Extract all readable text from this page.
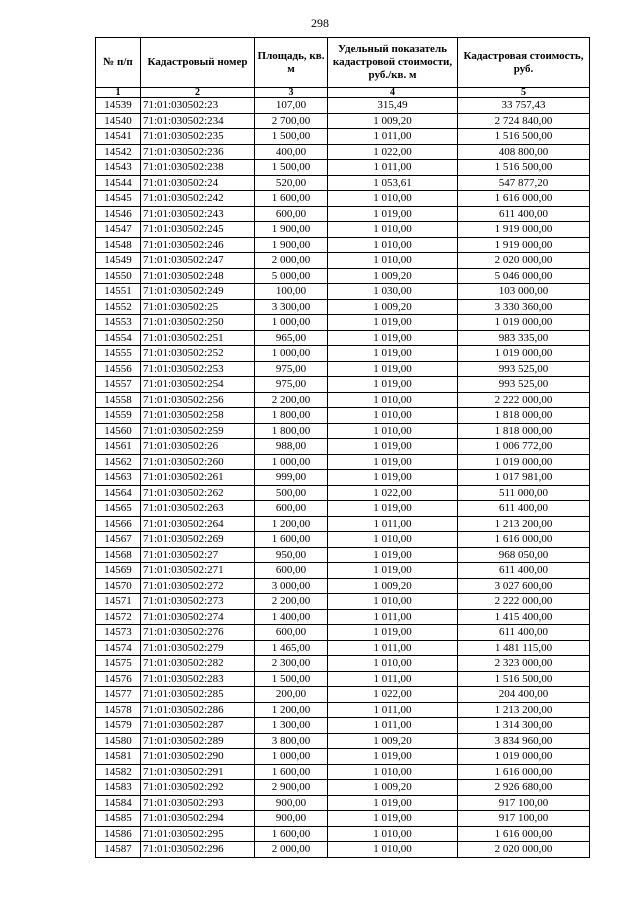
298
№ п/п	Кадастровый номер	Площадь, кв. м	Удельный показатель кадастровой стоимости, руб./кв. м	Кадастровая стоимость, руб.
1	2	3	4	5
14539	71:01:030502:23	107,00	315,49	33 757,43
14540	71:01:030502:234	2 700,00	1 009,20	2 724 840,00
14541	71:01:030502:235	1 500,00	1 011,00	1 516 500,00
14542	71:01:030502:236	400,00	1 022,00	408 800,00
14543	71:01:030502:238	1 500,00	1 011,00	1 516 500,00
14544	71:01:030502:24	520,00	1 053,61	547 877,20
14545	71:01:030502:242	1 600,00	1 010,00	1 616 000,00
14546	71:01:030502:243	600,00	1 019,00	611 400,00
14547	71:01:030502:245	1 900,00	1 010,00	1 919 000,00
14548	71:01:030502:246	1 900,00	1 010,00	1 919 000,00
14549	71:01:030502:247	2 000,00	1 010,00	2 020 000,00
14550	71:01:030502:248	5 000,00	1 009,20	5 046 000,00
14551	71:01:030502:249	100,00	1 030,00	103 000,00
14552	71:01:030502:25	3 300,00	1 009,20	3 330 360,00
14553	71:01:030502:250	1 000,00	1 019,00	1 019 000,00
14554	71:01:030502:251	965,00	1 019,00	983 335,00
14555	71:01:030502:252	1 000,00	1 019,00	1 019 000,00
14556	71:01:030502:253	975,00	1 019,00	993 525,00
14557	71:01:030502:254	975,00	1 019,00	993 525,00
14558	71:01:030502:256	2 200,00	1 010,00	2 222 000,00
14559	71:01:030502:258	1 800,00	1 010,00	1 818 000,00
14560	71:01:030502:259	1 800,00	1 010,00	1 818 000,00
14561	71:01:030502:26	988,00	1 019,00	1 006 772,00
14562	71:01:030502:260	1 000,00	1 019,00	1 019 000,00
14563	71:01:030502:261	999,00	1 019,00	1 017 981,00
14564	71:01:030502:262	500,00	1 022,00	511 000,00
14565	71:01:030502:263	600,00	1 019,00	611 400,00
14566	71:01:030502:264	1 200,00	1 011,00	1 213 200,00
14567	71:01:030502:269	1 600,00	1 010,00	1 616 000,00
14568	71:01:030502:27	950,00	1 019,00	968 050,00
14569	71:01:030502:271	600,00	1 019,00	611 400,00
14570	71:01:030502:272	3 000,00	1 009,20	3 027 600,00
14571	71:01:030502:273	2 200,00	1 010,00	2 222 000,00
14572	71:01:030502:274	1 400,00	1 011,00	1 415 400,00
14573	71:01:030502:276	600,00	1 019,00	611 400,00
14574	71:01:030502:279	1 465,00	1 011,00	1 481 115,00
14575	71:01:030502:282	2 300,00	1 010,00	2 323 000,00
14576	71:01:030502:283	1 500,00	1 011,00	1 516 500,00
14577	71:01:030502:285	200,00	1 022,00	204 400,00
14578	71:01:030502:286	1 200,00	1 011,00	1 213 200,00
14579	71:01:030502:287	1 300,00	1 011,00	1 314 300,00
14580	71:01:030502:289	3 800,00	1 009,20	3 834 960,00
14581	71:01:030502:290	1 000,00	1 019,00	1 019 000,00
14582	71:01:030502:291	1 600,00	1 010,00	1 616 000,00
14583	71:01:030502:292	2 900,00	1 009,20	2 926 680,00
14584	71:01:030502:293	900,00	1 019,00	917 100,00
14585	71:01:030502:294	900,00	1 019,00	917 100,00
14586	71:01:030502:295	1 600,00	1 010,00	1 616 000,00
14587	71:01:030502:296	2 000,00	1 010,00	2 020 000,00
